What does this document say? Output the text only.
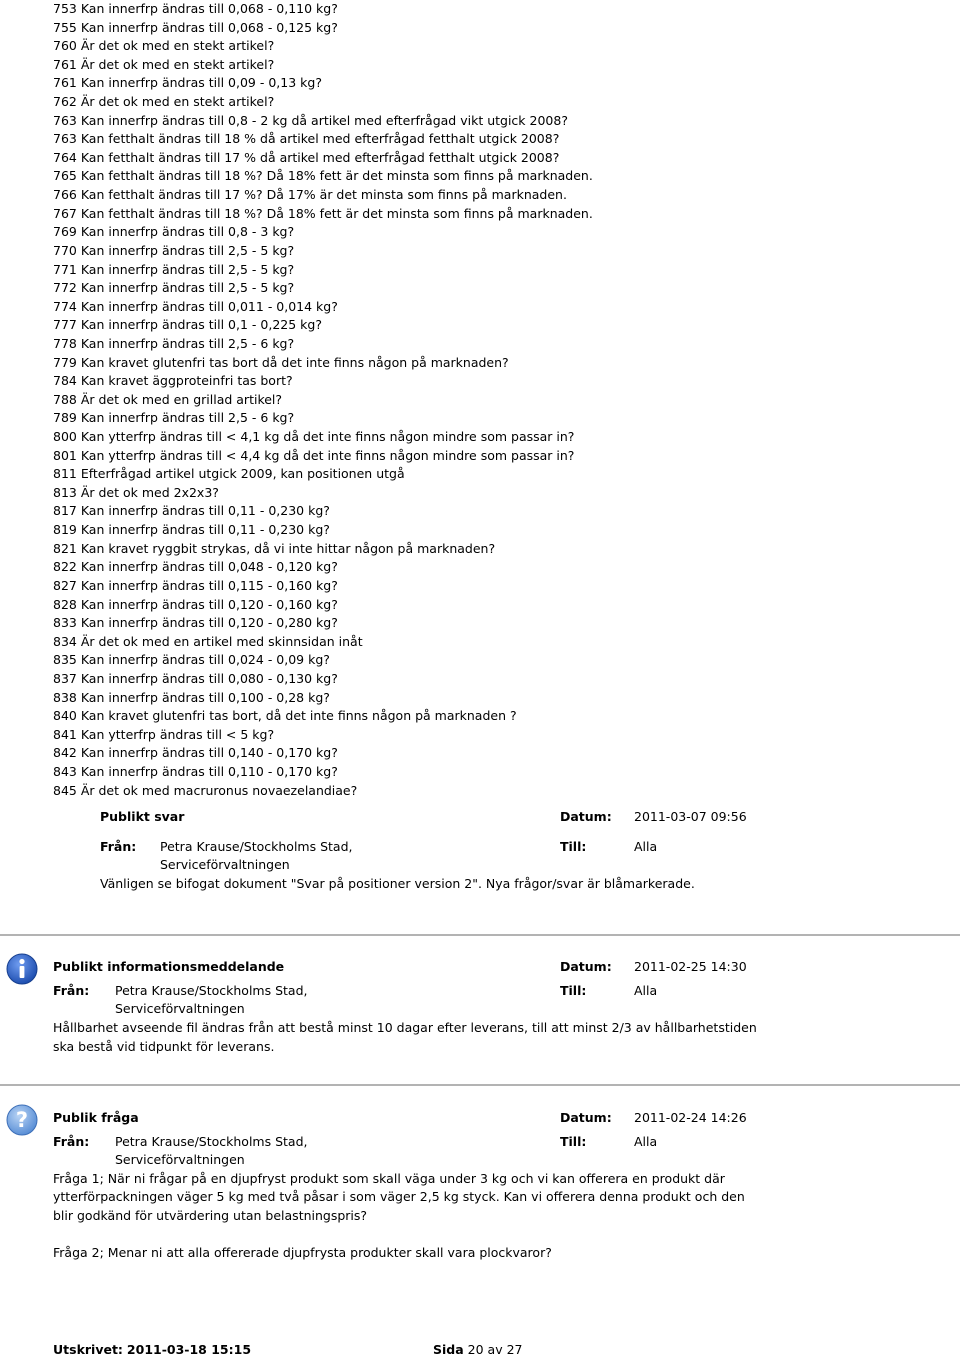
753 Kan innerfrp ändras till 0,068 - 0,110 kg?
755 Kan innerfrp ändras till 0,068 - 0,125 kg?
760 Är det ok med en stekt artikel?
761 Är det ok med en stekt artikel?
761 Kan innerfrp ändras till 0,09 - 0,13 kg?
762 Är det ok med en stekt artikel?
763 Kan innerfrp ändras till 0,8 - 2 kg då artikel med efterfrågad vikt utgick 2008?
763 Kan fetthalt ändras till 18 % då artikel med efterfrågad fetthalt utgick 2008?
764 Kan fetthalt ändras till 17 % då artikel med efterfrågad fetthalt utgick 2008?
765 Kan fetthalt ändras till 18 %? Då 18% fett är det minsta som finns på marknaden.
766 Kan fetthalt ändras till 17 %? Då 17% är det minsta som finns på marknaden.
767 Kan fetthalt ändras till 18 %? Då 18% fett är det minsta som finns på marknaden.
769 Kan innerfrp ändras till 0,8 - 3 kg?
770 Kan innerfrp ändras till 2,5 - 5 kg?
771 Kan innerfrp ändras till 2,5 - 5 kg?
772 Kan innerfrp ändras till 2,5 - 5 kg?
774 Kan innerfrp ändras till 0,011 - 0,014 kg?
777 Kan innerfrp ändras till 0,1 - 0,225 kg?
778 Kan innerfrp ändras till 2,5 - 6 kg?
779 Kan kravet glutenfri tas bort då det inte finns någon på marknaden?
784 Kan kravet äggproteinfri tas bort?
788 Är det ok med en grillad artikel?
789 Kan innerfrp ändras till 2,5 - 6 kg?
800 Kan ytterfrp ändras till < 4,1 kg då det inte finns någon mindre som passar in?
801 Kan ytterfrp ändras till < 4,4 kg då det inte finns någon mindre som passar in?
811 Efterfrågad artikel utgick 2009, kan positionen utgå
813 Är det ok med 2x2x3?
817 Kan innerfrp ändras till 0,11 - 0,230 kg?
819 Kan innerfrp ändras till 0,11 - 0,230 kg?
821 Kan kravet ryggbit strykas, då vi inte hittar någon på marknaden?
822 Kan innerfrp ändras till 0,048 - 0,120 kg?
827 Kan innerfrp ändras till 0,115 - 0,160 kg?
828 Kan innerfrp ändras till 0,120 - 0,160 kg?
833 Kan innerfrp ändras till 0,120 - 0,280 kg?
834 Är det ok med en artikel med skinnsidan inåt
835 Kan innerfrp ändras till 0,024 - 0,09 kg?
837 Kan innerfrp ändras till 0,080 - 0,130 kg?
838 Kan innerfrp ändras till 0,100 - 0,28 kg?
840 Kan kravet glutenfri tas bort, då det inte finns någon på marknaden ?
841 Kan ytterfrp ändras till < 5 kg?
842 Kan innerfrp ändras till 0,140 - 0,170 kg?
843 Kan innerfrp ändras till 0,110 - 0,170 kg?
845 Är det ok med macruronus novaezelandiae?
Publikt svar	Datum: 2011-03-07 09:56
Från: Petra Krause/Stockholms Stad,
Serviceförvaltningen
Till:	Alla
Vänligen se bifogat dokument "Svar på positioner version 2". Nya frågor/svar är blåmarkerade.
Publikt informationsmeddelande	Datum: 2011-02-25 14:30
Från: Petra Krause/Stockholms Stad,
Serviceförvaltningen
Till:	Alla
Hållbarhet avseende fil ändras från att bestå minst 10 dagar efter leverans, till att minst 2/3 av hållbarhetstiden
ska bestå vid tidpunkt för leverans.
? Publik fråga	Datum: 2011-02-24 14:26
Från: Petra Krause/Stockholms Stad,
Serviceförvaltningen
Till:	Alla
Fråga 1; När ni frågar på en djupfryst produkt som skall väga under 3 kg och vi kan offerera en produkt där
ytterförpackningen väger 5 kg med två påsar i som väger 2,5 kg styck. Kan vi offerera denna produkt och den
blir godkänd för utvärdering utan belastningspris?
Fråga 2; Menar ni att alla offererade djupfrysta produkter skall vara plockvaror?
Utskrivet: 2011-03-18 15:15	Sida 20 av 27
